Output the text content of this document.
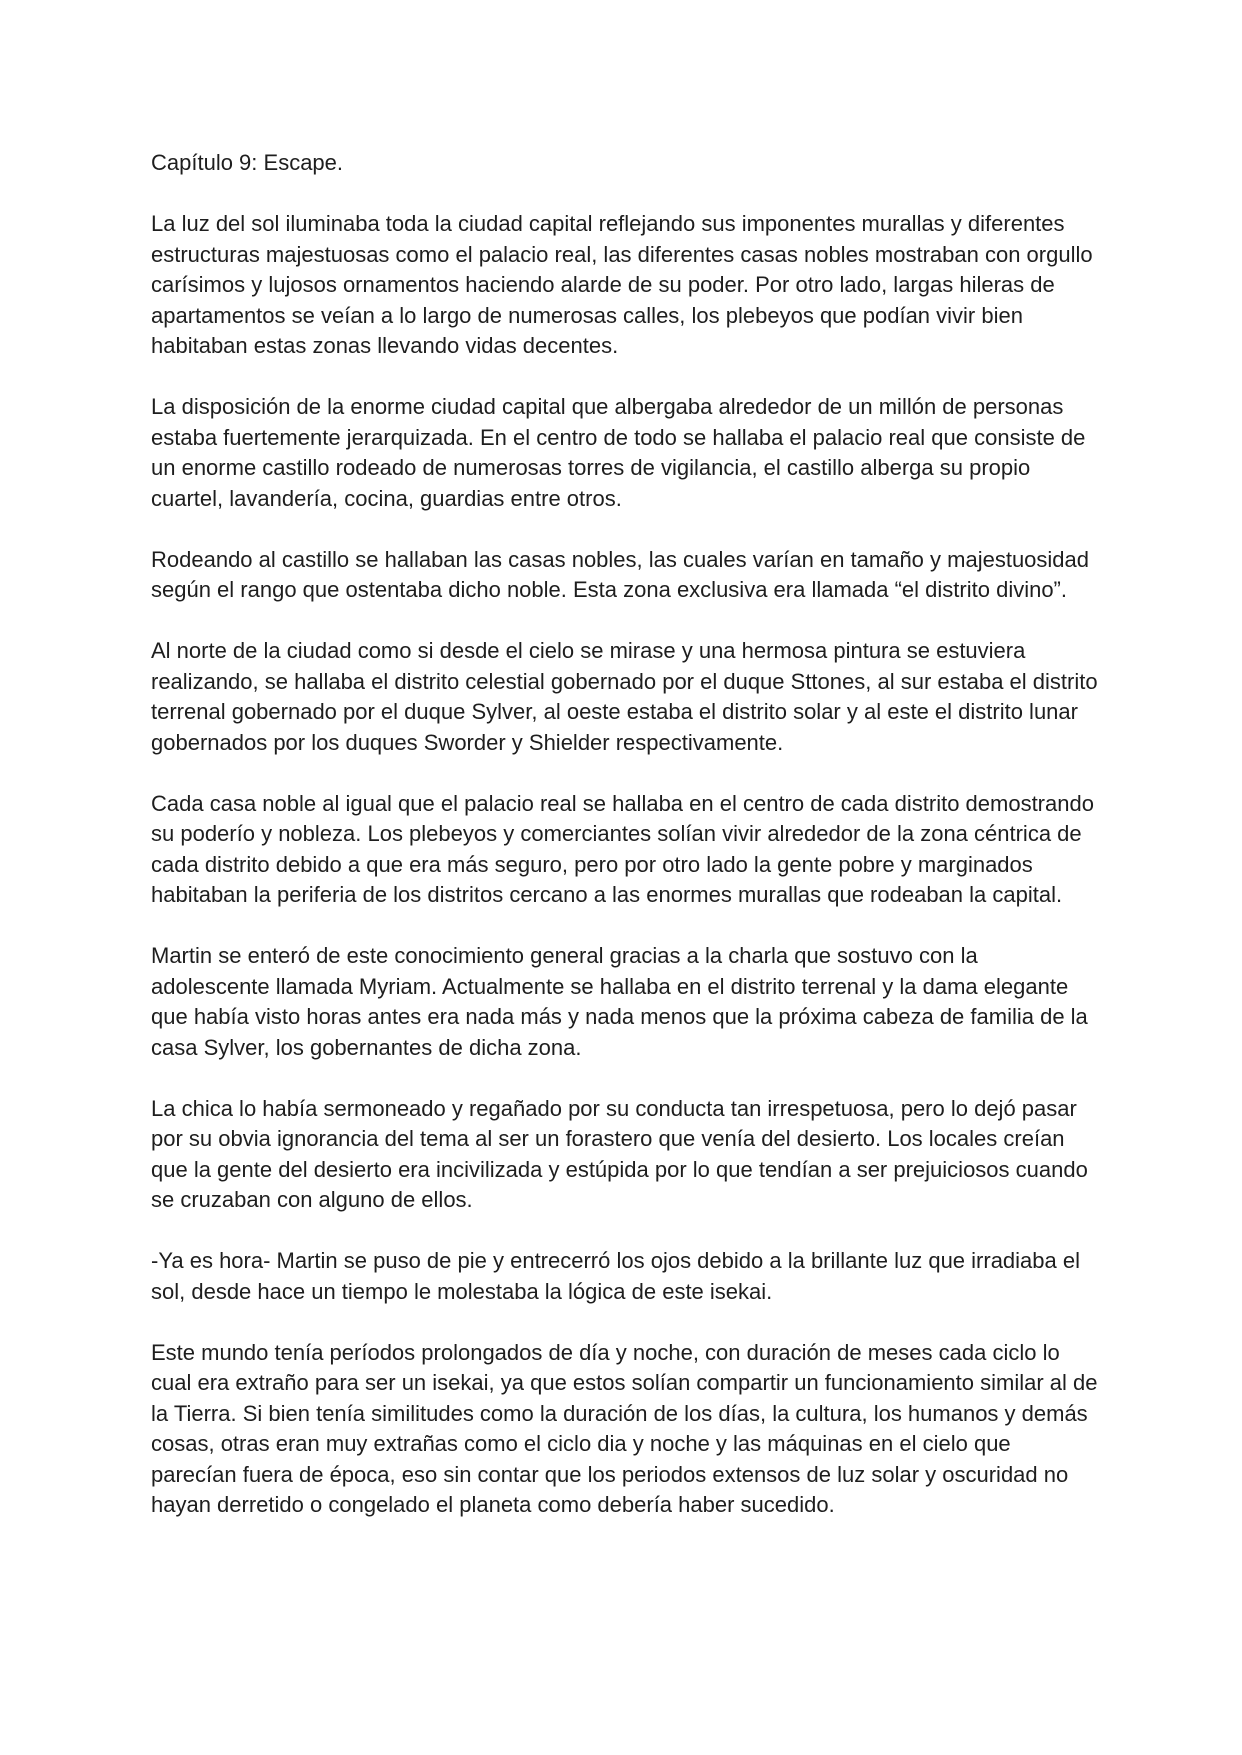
Capítulo 9: Escape.

La luz del sol iluminaba toda la ciudad capital reflejando sus imponentes murallas y diferentes estructuras majestuosas como el palacio real, las diferentes casas nobles mostraban con orgullo carísimos y lujosos ornamentos haciendo alarde de su poder. Por otro lado, largas hileras de apartamentos se veían a lo largo de numerosas calles, los plebeyos que podían vivir bien habitaban estas zonas llevando vidas decentes.

La disposición de la enorme ciudad capital que albergaba alrededor de un millón de personas estaba fuertemente jerarquizada. En el centro de todo se hallaba el palacio real que consiste de un enorme castillo rodeado de numerosas torres de vigilancia, el castillo alberga su propio cuartel, lavandería, cocina, guardias entre otros.

Rodeando al castillo se hallaban las casas nobles, las cuales varían en tamaño y majestuosidad según el rango que ostentaba dicho noble. Esta zona exclusiva era llamada “el distrito divino”.

Al norte de la ciudad como si desde el cielo se mirase y una hermosa pintura se estuviera realizando, se hallaba el distrito celestial gobernado por el duque Sttones, al sur estaba el distrito terrenal gobernado por el duque Sylver, al oeste estaba el distrito solar y al este el distrito lunar gobernados por los duques Sworder y Shielder respectivamente.

Cada casa noble al igual que el palacio real se hallaba en el centro de cada distrito demostrando su poderío y nobleza. Los plebeyos y comerciantes solían vivir alrededor de la zona céntrica de cada distrito debido a que era más seguro, pero por otro lado la gente pobre y marginados habitaban la periferia de los distritos cercano a las enormes murallas que rodeaban la capital.

Martin se enteró de este conocimiento general gracias a la charla que sostuvo con la adolescente llamada Myriam. Actualmente se hallaba en el distrito terrenal y la dama elegante que había visto horas antes era nada más y nada menos que la próxima cabeza de familia de la casa Sylver, los gobernantes de dicha zona.

La chica lo había sermoneado y regañado por su conducta tan irrespetuosa, pero lo dejó pasar por su obvia ignorancia del tema al ser un forastero que venía del desierto. Los locales creían que la gente del desierto era incivilizada y estúpida por lo que tendían a ser prejuiciosos cuando se cruzaban con alguno de ellos.

-Ya es hora- Martin se puso de pie y entrecerró los ojos debido a la brillante luz que irradiaba el sol, desde hace un tiempo le molestaba la lógica de este isekai.

Este mundo tenía períodos prolongados de día y noche, con duración de meses cada ciclo lo cual era extraño para ser un isekai, ya que estos solían compartir un funcionamiento similar al de la Tierra. Si bien tenía similitudes como la duración de los días, la cultura, los humanos y demás cosas, otras eran muy extrañas como el ciclo dia y noche y las máquinas en el cielo que parecían fuera de época, eso sin contar que los periodos extensos de luz solar y oscuridad no hayan derretido o congelado el planeta como debería haber sucedido.
